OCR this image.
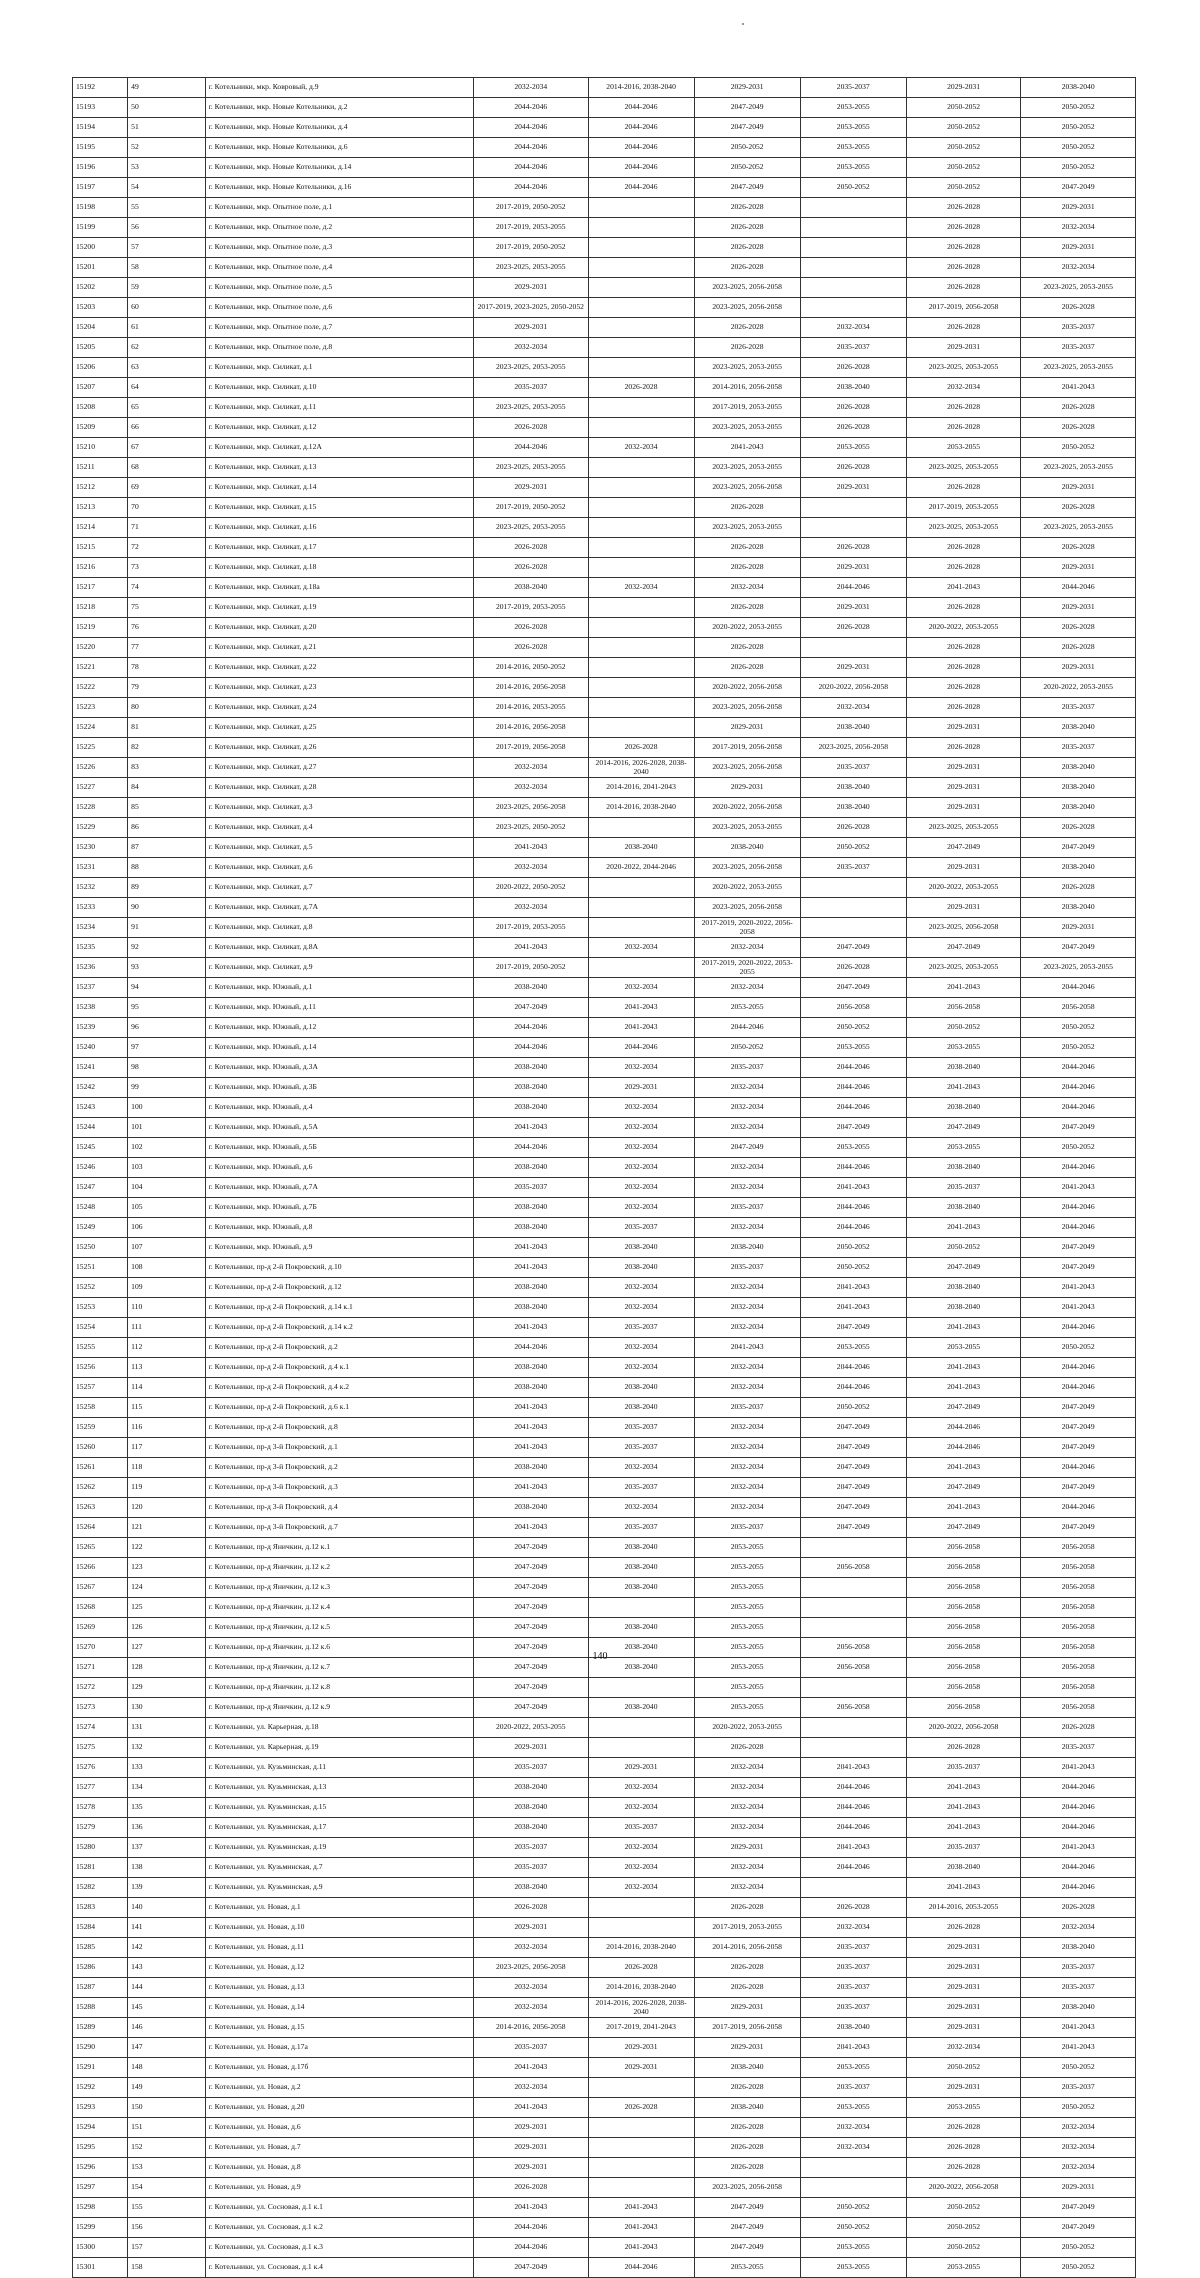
15192	49	г. Котельники, мкр. Ковровый, д.9	2032-2034	2014-2016, 2038-2040	2029-2031	2035-2037	2029-2031	2038-2040
15193	50	г. Котельники, мкр. Новые Котельники, д.2	2044-2046	2044-2046	2047-2049	2053-2055	2050-2052	2050-2052
15194	51	г. Котельники, мкр. Новые Котельники, д.4	2044-2046	2044-2046	2047-2049	2053-2055	2050-2052	2050-2052
15195	52	г. Котельники, мкр. Новые Котельники, д.6	2044-2046	2044-2046	2050-2052	2053-2055	2050-2052	2050-2052
15196	53	г. Котельники, мкр. Новые Котельники, д.14	2044-2046	2044-2046	2050-2052	2053-2055	2050-2052	2050-2052
15197	54	г. Котельники, мкр. Новые Котельники, д.16	2044-2046	2044-2046	2047-2049	2050-2052	2050-2052	2047-2049
15198	55	г. Котельники, мкр. Опытное поле, д.1	2017-2019, 2050-2052		2026-2028		2026-2028	2029-2031
15199	56	г. Котельники, мкр. Опытное поле, д.2	2017-2019, 2053-2055		2026-2028		2026-2028	2032-2034
15200	57	г. Котельники, мкр. Опытное поле, д.3	2017-2019, 2050-2052		2026-2028		2026-2028	2029-2031
15201	58	г. Котельники, мкр. Опытное поле, д.4	2023-2025, 2053-2055		2026-2028		2026-2028	2032-2034
15202	59	г. Котельники, мкр. Опытное поле, д.5	2029-2031		2023-2025, 2056-2058		2026-2028	2023-2025, 2053-2055
15203	60	г. Котельники, мкр. Опытное поле, д.6	2017-2019, 2023-2025, 2050-2052		2023-2025, 2056-2058		2017-2019, 2056-2058	2026-2028
15204	61	г. Котельники, мкр. Опытное поле, д.7	2029-2031		2026-2028	2032-2034	2026-2028	2035-2037
15205	62	г. Котельники, мкр. Опытное поле, д.8	2032-2034		2026-2028	2035-2037	2029-2031	2035-2037
15206	63	г. Котельники, мкр. Силикат, д.1	2023-2025, 2053-2055		2023-2025, 2053-2055	2026-2028	2023-2025, 2053-2055	2023-2025, 2053-2055
15207	64	г. Котельники, мкр. Силикат, д.10	2035-2037	2026-2028	2014-2016, 2056-2058	2038-2040	2032-2034	2041-2043
15208	65	г. Котельники, мкр. Силикат, д.11	2023-2025, 2053-2055		2017-2019, 2053-2055	2026-2028	2026-2028	2026-2028
15209	66	г. Котельники, мкр. Силикат, д.12	2026-2028		2023-2025, 2053-2055	2026-2028	2026-2028	2026-2028
15210	67	г. Котельники, мкр. Силикат, д.12А	2044-2046	2032-2034	2041-2043	2053-2055	2053-2055	2050-2052
15211	68	г. Котельники, мкр. Силикат, д.13	2023-2025, 2053-2055		2023-2025, 2053-2055	2026-2028	2023-2025, 2053-2055	2023-2025, 2053-2055
15212	69	г. Котельники, мкр. Силикат, д.14	2029-2031		2023-2025, 2056-2058	2029-2031	2026-2028	2029-2031
15213	70	г. Котельники, мкр. Силикат, д.15	2017-2019, 2050-2052		2026-2028		2017-2019, 2053-2055	2026-2028
15214	71	г. Котельники, мкр. Силикат, д.16	2023-2025, 2053-2055		2023-2025, 2053-2055		2023-2025, 2053-2055	2023-2025, 2053-2055
15215	72	г. Котельники, мкр. Силикат, д.17	2026-2028		2026-2028	2026-2028	2026-2028	2026-2028
15216	73	г. Котельники, мкр. Силикат, д.18	2026-2028		2026-2028	2029-2031	2026-2028	2029-2031
15217	74	г. Котельники, мкр. Силикат, д.18а	2038-2040	2032-2034	2032-2034	2044-2046	2041-2043	2044-2046
15218	75	г. Котельники, мкр. Силикат, д.19	2017-2019, 2053-2055		2026-2028	2029-2031	2026-2028	2029-2031
15219	76	г. Котельники, мкр. Силикат, д.20	2026-2028		2020-2022, 2053-2055	2026-2028	2020-2022, 2053-2055	2026-2028
15220	77	г. Котельники, мкр. Силикат, д.21	2026-2028		2026-2028		2026-2028	2026-2028
15221	78	г. Котельники, мкр. Силикат, д.22	2014-2016, 2050-2052		2026-2028	2029-2031	2026-2028	2029-2031
15222	79	г. Котельники, мкр. Силикат, д.23	2014-2016, 2056-2058		2020-2022, 2056-2058	2020-2022, 2056-2058	2026-2028	2020-2022, 2053-2055
15223	80	г. Котельники, мкр. Силикат, д.24	2014-2016, 2053-2055		2023-2025, 2056-2058	2032-2034	2026-2028	2035-2037
15224	81	г. Котельники, мкр. Силикат, д.25	2014-2016, 2056-2058		2029-2031	2038-2040	2029-2031	2038-2040
15225	82	г. Котельники, мкр. Силикат, д.26	2017-2019, 2056-2058	2026-2028	2017-2019, 2056-2058	2023-2025, 2056-2058	2026-2028	2035-2037
15226	83	г. Котельники, мкр. Силикат, д.27	2032-2034	2014-2016, 2026-2028, 2038-2040	2023-2025, 2056-2058	2035-2037	2029-2031	2038-2040
15227	84	г. Котельники, мкр. Силикат, д.28	2032-2034	2014-2016, 2041-2043	2029-2031	2038-2040	2029-2031	2038-2040
15228	85	г. Котельники, мкр. Силикат, д.3	2023-2025, 2056-2058	2014-2016, 2038-2040	2020-2022, 2056-2058	2038-2040	2029-2031	2038-2040
15229	86	г. Котельники, мкр. Силикат, д.4	2023-2025, 2050-2052		2023-2025, 2053-2055	2026-2028	2023-2025, 2053-2055	2026-2028
15230	87	г. Котельники, мкр. Силикат, д.5	2041-2043	2038-2040	2038-2040	2050-2052	2047-2049	2047-2049
15231	88	г. Котельники, мкр. Силикат, д.6	2032-2034	2020-2022, 2044-2046	2023-2025, 2056-2058	2035-2037	2029-2031	2038-2040
15232	89	г. Котельники, мкр. Силикат, д.7	2020-2022, 2050-2052		2020-2022, 2053-2055		2020-2022, 2053-2055	2026-2028
15233	90	г. Котельники, мкр. Силикат, д.7А	2032-2034		2023-2025, 2056-2058		2029-2031	2038-2040
15234	91	г. Котельники, мкр. Силикат, д.8	2017-2019, 2053-2055		2017-2019, 2020-2022, 2056-2058		2023-2025, 2056-2058	2029-2031
15235	92	г. Котельники, мкр. Силикат, д.8А	2041-2043	2032-2034	2032-2034	2047-2049	2047-2049	2047-2049
15236	93	г. Котельники, мкр. Силикат, д.9	2017-2019, 2050-2052		2017-2019, 2020-2022, 2053-2055	2026-2028	2023-2025, 2053-2055	2023-2025, 2053-2055
15237	94	г. Котельники, мкр. Южный, д.1	2038-2040	2032-2034	2032-2034	2047-2049	2041-2043	2044-2046
15238	95	г. Котельники, мкр. Южный, д.11	2047-2049	2041-2043	2053-2055	2056-2058	2056-2058	2056-2058
15239	96	г. Котельники, мкр. Южный, д.12	2044-2046	2041-2043	2044-2046	2050-2052	2050-2052	2050-2052
15240	97	г. Котельники, мкр. Южный, д.14	2044-2046	2044-2046	2050-2052	2053-2055	2053-2055	2050-2052
15241	98	г. Котельники, мкр. Южный, д.3А	2038-2040	2032-2034	2035-2037	2044-2046	2038-2040	2044-2046
15242	99	г. Котельники, мкр. Южный, д.3Б	2038-2040	2029-2031	2032-2034	2044-2046	2041-2043	2044-2046
15243	100	г. Котельники, мкр. Южный, д.4	2038-2040	2032-2034	2032-2034	2044-2046	2038-2040	2044-2046
15244	101	г. Котельники, мкр. Южный, д.5А	2041-2043	2032-2034	2032-2034	2047-2049	2047-2049	2047-2049
15245	102	г. Котельники, мкр. Южный, д.5Б	2044-2046	2032-2034	2047-2049	2053-2055	2053-2055	2050-2052
15246	103	г. Котельники, мкр. Южный, д.6	2038-2040	2032-2034	2032-2034	2044-2046	2038-2040	2044-2046
15247	104	г. Котельники, мкр. Южный, д.7А	2035-2037	2032-2034	2032-2034	2041-2043	2035-2037	2041-2043
15248	105	г. Котельники, мкр. Южный, д.7Б	2038-2040	2032-2034	2035-2037	2044-2046	2038-2040	2044-2046
15249	106	г. Котельники, мкр. Южный, д.8	2038-2040	2035-2037	2032-2034	2044-2046	2041-2043	2044-2046
15250	107	г. Котельники, мкр. Южный, д.9	2041-2043	2038-2040	2038-2040	2050-2052	2050-2052	2047-2049
15251	108	г. Котельники, пр-д 2-й Покровский, д.10	2041-2043	2038-2040	2035-2037	2050-2052	2047-2049	2047-2049
15252	109	г. Котельники, пр-д 2-й Покровский, д.12	2038-2040	2032-2034	2032-2034	2041-2043	2038-2040	2041-2043
15253	110	г. Котельники, пр-д 2-й Покровский, д.14 к.1	2038-2040	2032-2034	2032-2034	2041-2043	2038-2040	2041-2043
15254	111	г. Котельники, пр-д 2-й Покровский, д.14 к.2	2041-2043	2035-2037	2032-2034	2047-2049	2041-2043	2044-2046
15255	112	г. Котельники, пр-д 2-й Покровский, д.2	2044-2046	2032-2034	2041-2043	2053-2055	2053-2055	2050-2052
15256	113	г. Котельники, пр-д 2-й Покровский, д.4 к.1	2038-2040	2032-2034	2032-2034	2044-2046	2041-2043	2044-2046
15257	114	г. Котельники, пр-д 2-й Покровский, д.4 к.2	2038-2040	2038-2040	2032-2034	2044-2046	2041-2043	2044-2046
15258	115	г. Котельники, пр-д 2-й Покровский, д.6 к.1	2041-2043	2038-2040	2035-2037	2050-2052	2047-2049	2047-2049
15259	116	г. Котельники, пр-д 2-й Покровский, д.8	2041-2043	2035-2037	2032-2034	2047-2049	2044-2046	2047-2049
15260	117	г. Котельники, пр-д 3-й Покровский, д.1	2041-2043	2035-2037	2032-2034	2047-2049	2044-2046	2047-2049
15261	118	г. Котельники, пр-д 3-й Покровский, д.2	2038-2040	2032-2034	2032-2034	2047-2049	2041-2043	2044-2046
15262	119	г. Котельники, пр-д 3-й Покровский, д.3	2041-2043	2035-2037	2032-2034	2047-2049	2047-2049	2047-2049
15263	120	г. Котельники, пр-д 3-й Покровский, д.4	2038-2040	2032-2034	2032-2034	2047-2049	2041-2043	2044-2046
15264	121	г. Котельники, пр-д 3-й Покровский, д.7	2041-2043	2035-2037	2035-2037	2047-2049	2047-2049	2047-2049
15265	122	г. Котельники, пр-д Яничкин, д.12 к.1	2047-2049	2038-2040	2053-2055		2056-2058	2056-2058
15266	123	г. Котельники, пр-д Яничкин, д.12 к.2	2047-2049	2038-2040	2053-2055	2056-2058	2056-2058	2056-2058
15267	124	г. Котельники, пр-д Яничкин, д.12 к.3	2047-2049	2038-2040	2053-2055		2056-2058	2056-2058
15268	125	г. Котельники, пр-д Яничкин, д.12 к.4	2047-2049		2053-2055		2056-2058	2056-2058
15269	126	г. Котельники, пр-д Яничкин, д.12 к.5	2047-2049	2038-2040	2053-2055		2056-2058	2056-2058
15270	127	г. Котельники, пр-д Яничкин, д.12 к.6	2047-2049	2038-2040	2053-2055	2056-2058	2056-2058	2056-2058
15271	128	г. Котельники, пр-д Яничкин, д.12 к.7	2047-2049	2038-2040	2053-2055	2056-2058	2056-2058	2056-2058
15272	129	г. Котельники, пр-д Яничкин, д.12 к.8	2047-2049		2053-2055		2056-2058	2056-2058
15273	130	г. Котельники, пр-д Яничкин, д.12 к.9	2047-2049	2038-2040	2053-2055	2056-2058	2056-2058	2056-2058
15274	131	г. Котельники, ул. Карьерная, д.18	2020-2022, 2053-2055		2020-2022, 2053-2055		2020-2022, 2056-2058	2026-2028
15275	132	г. Котельники, ул. Карьерная, д.19	2029-2031		2026-2028		2026-2028	2035-2037
15276	133	г. Котельники, ул. Кузьминская, д.11	2035-2037	2029-2031	2032-2034	2041-2043	2035-2037	2041-2043
15277	134	г. Котельники, ул. Кузьминская, д.13	2038-2040	2032-2034	2032-2034	2044-2046	2041-2043	2044-2046
15278	135	г. Котельники, ул. Кузьминская, д.15	2038-2040	2032-2034	2032-2034	2044-2046	2041-2043	2044-2046
15279	136	г. Котельники, ул. Кузьминская, д.17	2038-2040	2035-2037	2032-2034	2044-2046	2041-2043	2044-2046
15280	137	г. Котельники, ул. Кузьминская, д.19	2035-2037	2032-2034	2029-2031	2041-2043	2035-2037	2041-2043
15281	138	г. Котельники, ул. Кузьминская, д.7	2035-2037	2032-2034	2032-2034	2044-2046	2038-2040	2044-2046
15282	139	г. Котельники, ул. Кузьминская, д.9	2038-2040	2032-2034	2032-2034		2041-2043	2044-2046
15283	140	г. Котельники, ул. Новая, д.1	2026-2028		2026-2028	2026-2028	2014-2016, 2053-2055	2026-2028
15284	141	г. Котельники, ул. Новая, д.10	2029-2031		2017-2019, 2053-2055	2032-2034	2026-2028	2032-2034
15285	142	г. Котельники, ул. Новая, д.11	2032-2034	2014-2016, 2038-2040	2014-2016, 2056-2058	2035-2037	2029-2031	2038-2040
15286	143	г. Котельники, ул. Новая, д.12	2023-2025, 2056-2058	2026-2028	2026-2028	2035-2037	2029-2031	2035-2037
15287	144	г. Котельники, ул. Новая, д.13	2032-2034	2014-2016, 2038-2040	2026-2028	2035-2037	2029-2031	2035-2037
15288	145	г. Котельники, ул. Новая, д.14	2032-2034	2014-2016, 2026-2028, 2038-2040	2029-2031	2035-2037	2029-2031	2038-2040
15289	146	г. Котельники, ул. Новая, д.15	2014-2016, 2056-2058	2017-2019, 2041-2043	2017-2019, 2056-2058	2038-2040	2029-2031	2041-2043
15290	147	г. Котельники, ул. Новая, д.17а	2035-2037	2029-2031	2029-2031	2041-2043	2032-2034	2041-2043
15291	148	г. Котельники, ул. Новая, д.17б	2041-2043	2029-2031	2038-2040	2053-2055	2050-2052	2050-2052
15292	149	г. Котельники, ул. Новая, д.2	2032-2034		2026-2028	2035-2037	2029-2031	2035-2037
15293	150	г. Котельники, ул. Новая, д.20	2041-2043	2026-2028	2038-2040	2053-2055	2053-2055	2050-2052
15294	151	г. Котельники, ул. Новая, д.6	2029-2031		2026-2028	2032-2034	2026-2028	2032-2034
15295	152	г. Котельники, ул. Новая, д.7	2029-2031		2026-2028	2032-2034	2026-2028	2032-2034
15296	153	г. Котельники, ул. Новая, д.8	2029-2031		2026-2028		2026-2028	2032-2034
15297	154	г. Котельники, ул. Новая, д.9	2026-2028		2023-2025, 2056-2058		2020-2022, 2056-2058	2029-2031
15298	155	г. Котельники, ул. Сосновая, д.1 к.1	2041-2043	2041-2043	2047-2049	2050-2052	2050-2052	2047-2049
15299	156	г. Котельники, ул. Сосновая, д.1 к.2	2044-2046	2041-2043	2047-2049	2050-2052	2050-2052	2047-2049
15300	157	г. Котельники, ул. Сосновая, д.1 к.3	2044-2046	2041-2043	2047-2049	2053-2055	2050-2052	2050-2052
15301	158	г. Котельники, ул. Сосновая, д.1 к.4	2047-2049	2044-2046	2053-2055	2053-2055	2053-2055	2050-2052
140
